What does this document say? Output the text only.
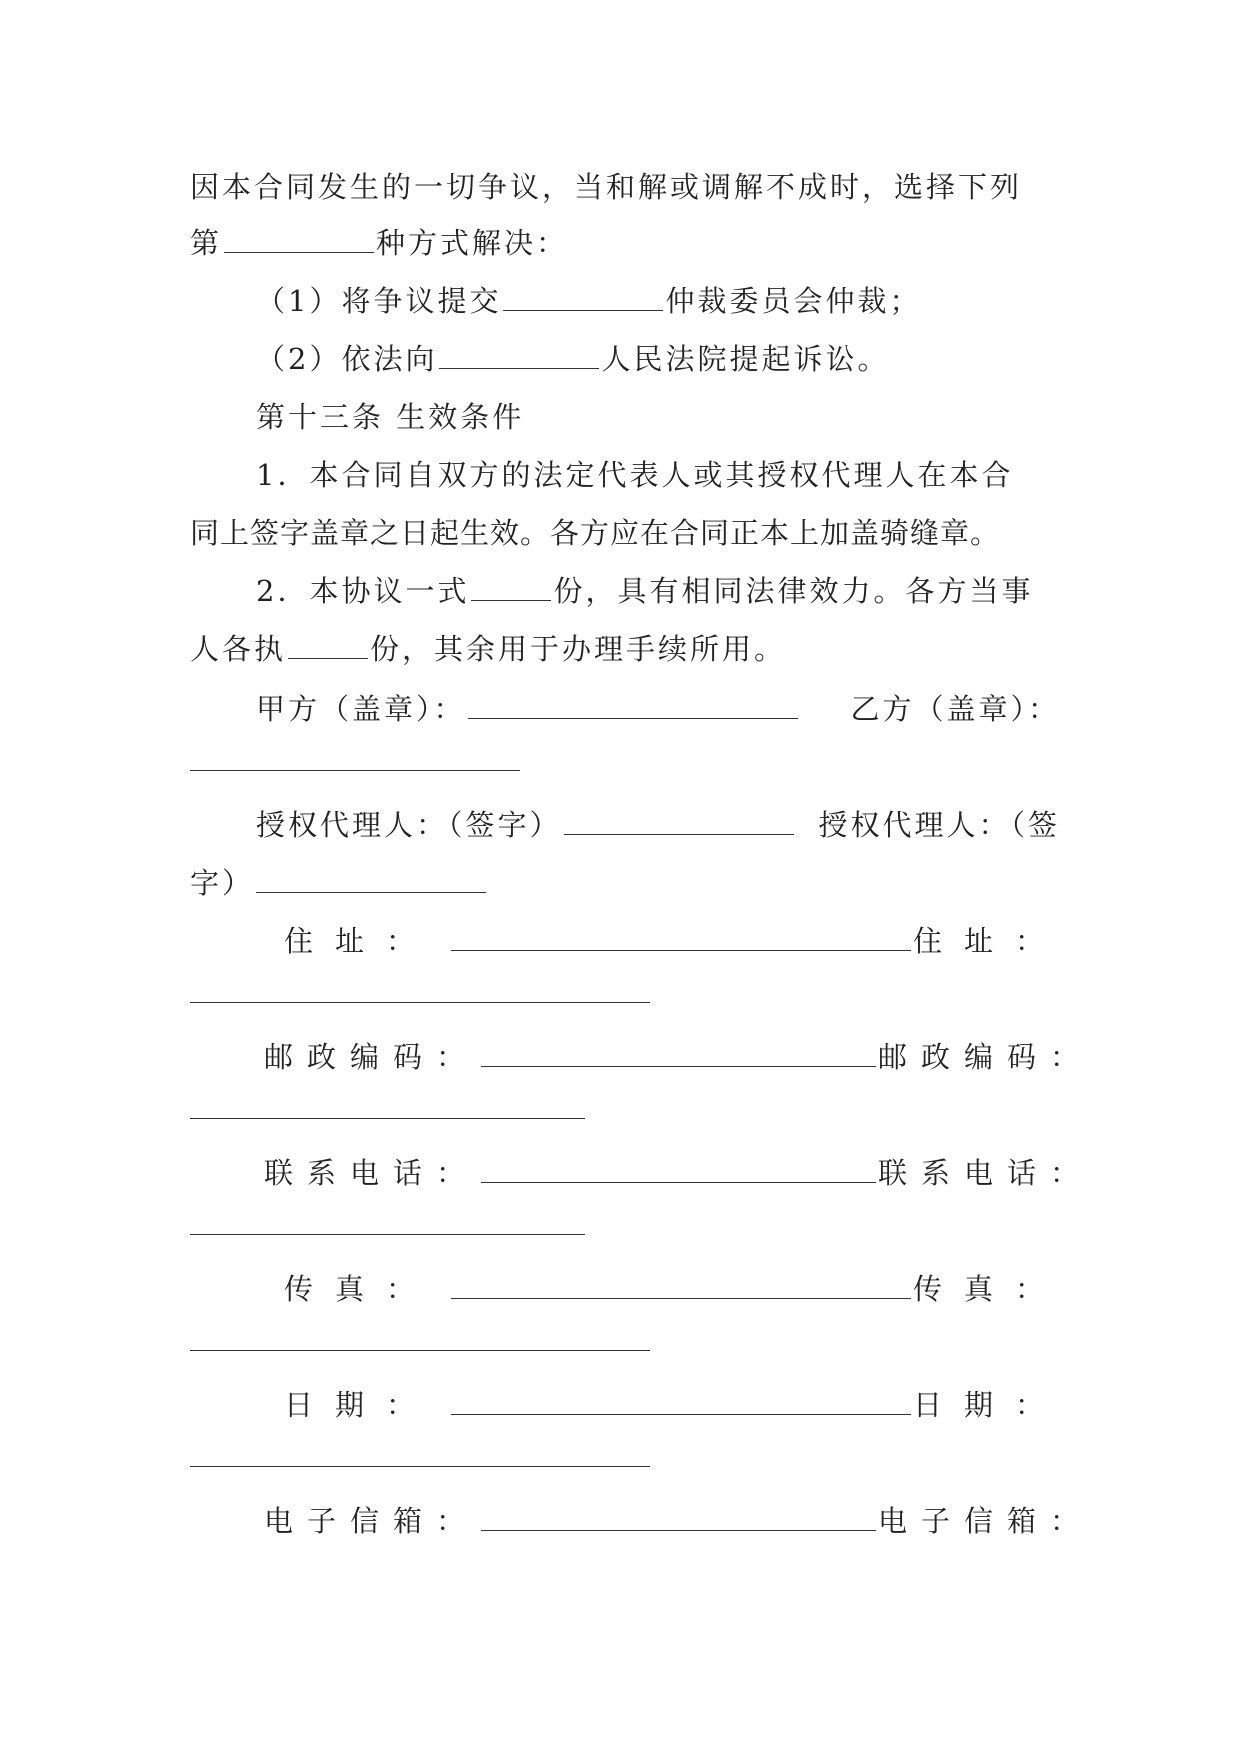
因本合同发生的一切争议，当和解或调解不成时，选择下列
第	种方式解决：
（1）将争议提交	仲裁委员会仲裁；
（2）依法向	人民法院提起诉讼。
第十三条 生效条件
1．本合同自双方的法定代表人或其授权代理人在本合
同上签字盖章之日起生效。各方应在合同正本上加盖骑缝章。
2．本协议一式	份，具有相同法律效力。各方当事
人各执	份，其余用于办理手续所用。
甲方（盖章）：	乙方（盖章）：
授权代理人：（签字）	授权代理人：（签
字）
住址：	住址：
邮政编码：	邮政编码：
联系电话：	联系电话：
传真：	传真：
日期：	日期：
电子信箱：	电子信箱：
